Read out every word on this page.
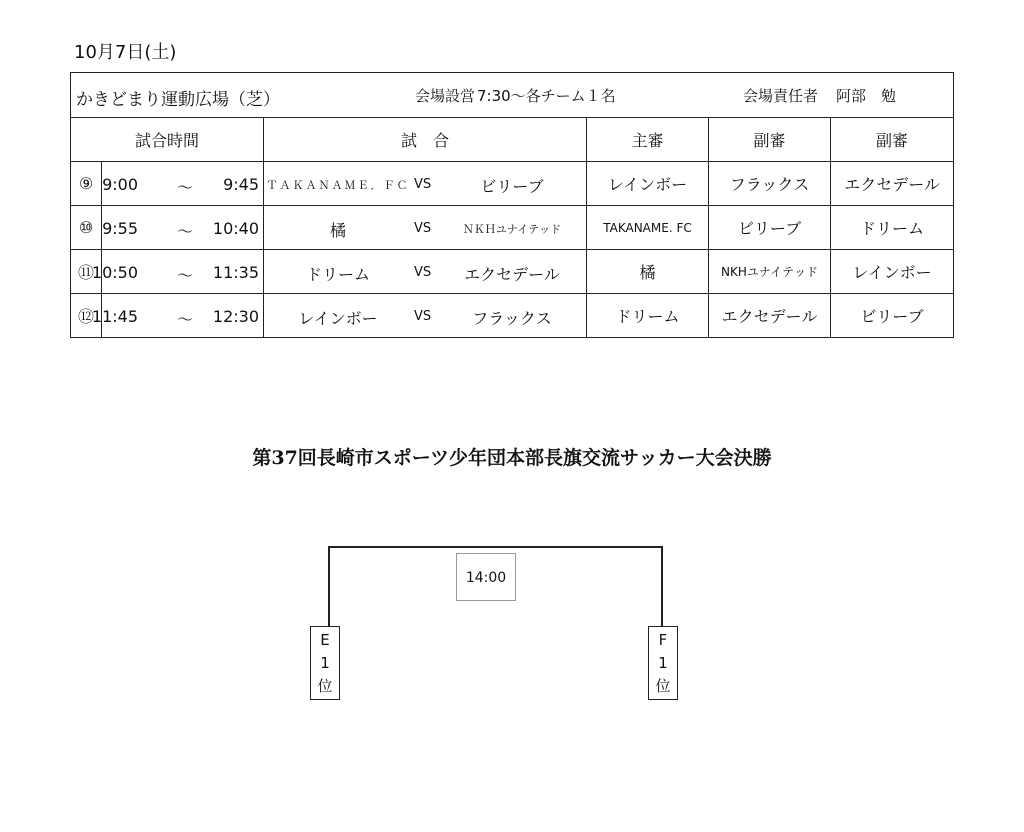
10月7日(土)
かきどまり運動広場（芝） 会場設営 7:30～各チーム１名 会場責任者 阿部　勉					

試合時間		試　合	主審	副審	副審
⑨	9:00 ～ 9:45	ＴＡＫＡＮＡＭＥ．ＦＣ VS ビリーブ	レインボー	フラックス	エクセデール
⑩	9:55 ～ 10:40	橘 VS ＮＫＨユナイテッド	TAKANAME. FC	ビリーブ	ドリーム
⑪	10:50 ～ 11:35	ドリーム VS エクセデール	橘	NKHユナイテッド	レインボー
⑫	11:45 ～ 12:30	レインボー VS フラックス	ドリーム	エクセデール	ビリーブ
第37回長崎市スポーツ少年団本部長旗交流サッカー大会決勝
14:00
E
1
位
F
1
位
